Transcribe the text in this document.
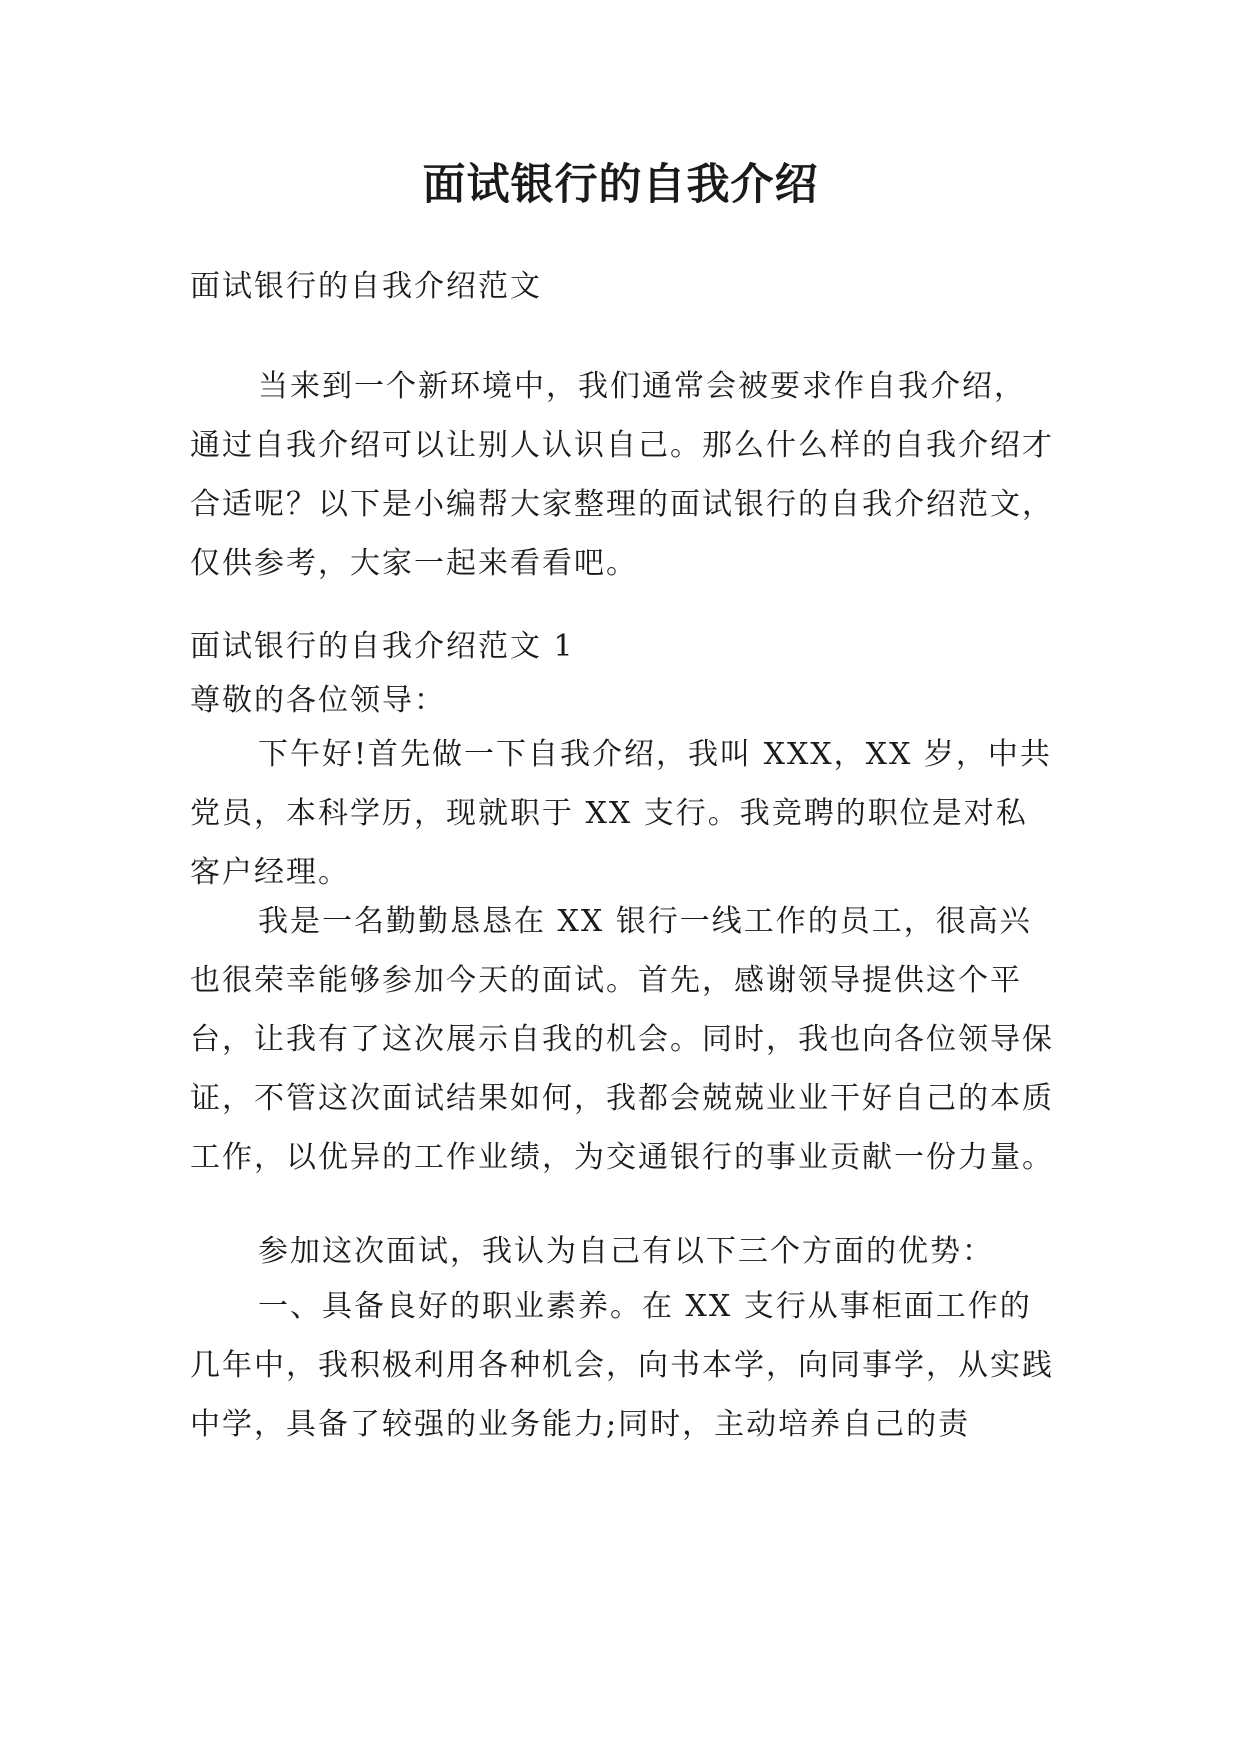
面试银行的自我介绍

面试银行的自我介绍范文

当来到一个新环境中，我们通常会被要求作自我介绍，通过自我介绍可以让别人认识自己。那么什么样的自我介绍才合适呢？以下是小编帮大家整理的面试银行的自我介绍范文，仅供参考，大家一起来看看吧。

面试银行的自我介绍范文 1

尊敬的各位领导：

下午好!首先做一下自我介绍，我叫 XXX，XX 岁，中共党员，本科学历，现就职于 XX 支行。我竞聘的职位是对私客户经理。

我是一名勤勤恳恳在 XX 银行一线工作的员工，很高兴也很荣幸能够参加今天的面试。首先，感谢领导提供这个平台，让我有了这次展示自我的机会。同时，我也向各位领导保证，不管这次面试结果如何，我都会兢兢业业干好自己的本质工作，以优异的工作业绩，为交通银行的事业贡献一份力量。

参加这次面试，我认为自己有以下三个方面的优势：

一、具备良好的职业素养。在 XX 支行从事柜面工作的几年中，我积极利用各种机会，向书本学，向同事学，从实践中学，具备了较强的业务能力;同时，主动培养自己的责
